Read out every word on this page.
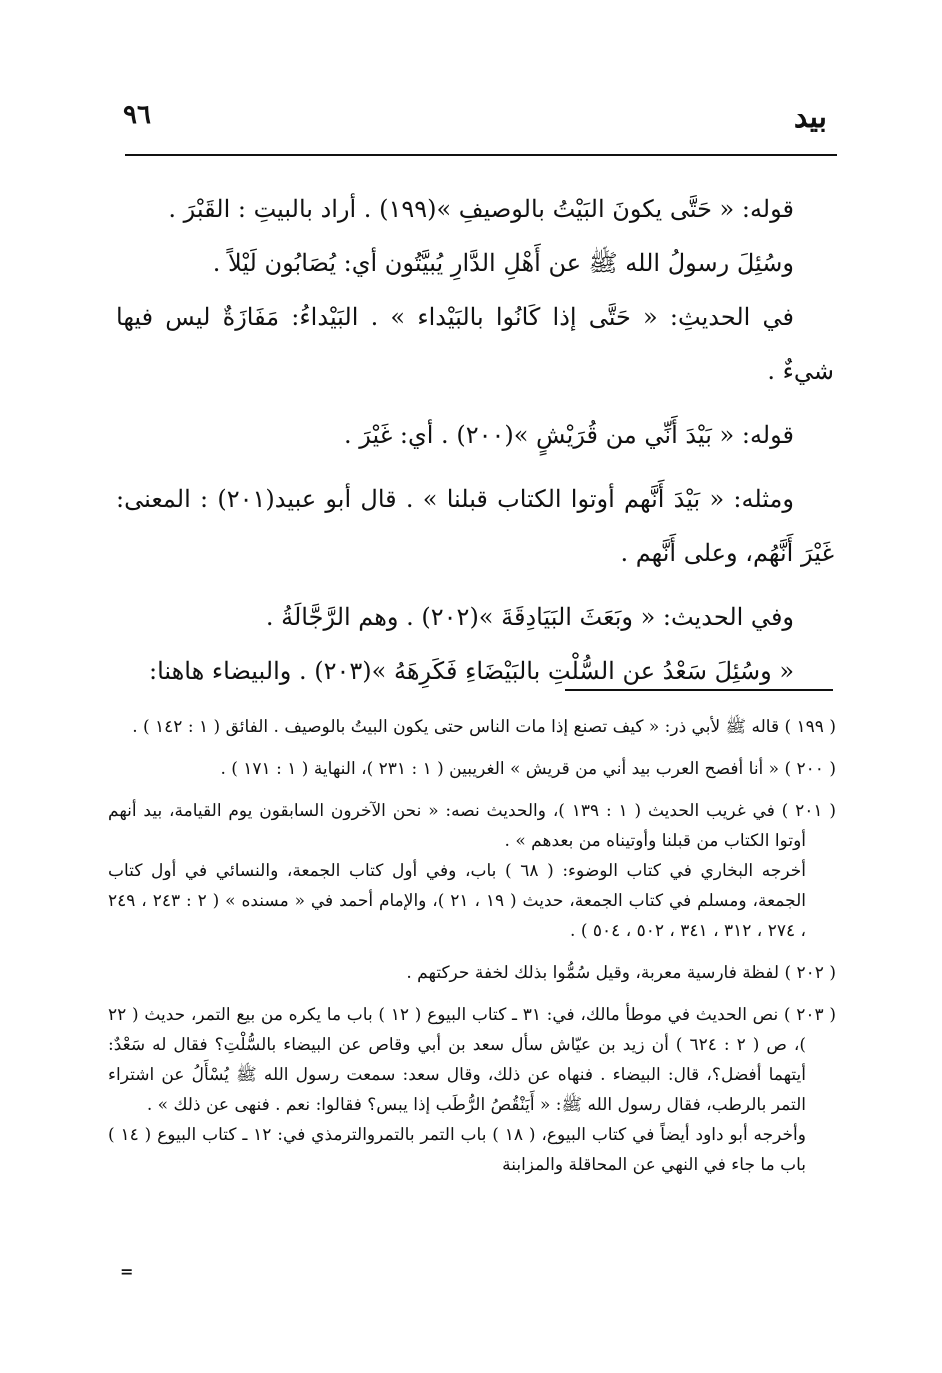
بيد
٩٦

قوله: « حَتَّى يكونَ البَيْتُ بالوصيفِ »(١٩٩) . أراد بالبيتِ : القَبْرَ .

وسُئِلَ رسولُ الله ﷺ عن أَهْلِ الدَّارِ يُبيَّتُون أي: يُصَابُون لَيْلاً .

في الحديثِ: « حَتَّى إذا كَانُوا بالبَيْداء » . البَيْداءُ: مَفَازَةٌ ليس فيها شيءٌ .

قوله: « بَيْدَ أَنِّي من قُرَيْشٍ »(٢٠٠) . أي: غَيْرَ .

ومثله: « بَيْدَ أَنَّهم أوتوا الكتاب قبلنا » . قال أبو عبيد(٢٠١) : المعنى: غَيْرَ أَنَّهُم، وعلى أَنَّهم .

وفي الحديث: « وبَعَثَ البَيَادِقَةَ »(٢٠٢) . وهم الرَّجَّالَةُ .

« وسُئِلَ سَعْدُ عن السُّلْتِ بالبَيْضَاءِ فَكَرِهَهُ »(٢٠٣) . والبيضاء هاهنا:

( ١٩٩ ) قاله ﷺ لأبي ذر: « كيف تصنع إذا مات الناس حتى يكون البيتُ بالوصيف . الفائق ( ١ : ١٤٢ ) .

( ٢٠٠ ) « أنا أفصح العرب بيد أني من قريش » الغريبين ( ١ : ٢٣١ )، النهاية ( ١ : ١٧١ ) .

( ٢٠١ ) في غريب الحديث ( ١ : ١٣٩ )، والحديث نصه: « نحن الآخرون السابقون يوم القيامة، بيد أنهم أوتوا الكتاب من قبلنا وأوتيناه من بعدهم » .

أخرجه البخاري في كتاب الوضوء: ( ٦٨ ) باب، وفي أول كتاب الجمعة، والنسائي في أول كتاب الجمعة، ومسلم في كتاب الجمعة، حديث ( ١٩ ، ٢١ )، والإمام أحمد في « مسنده » ( ٢ : ٢٤٣ ، ٢٤٩ ، ٢٧٤ ، ٣١٢ ، ٣٤١ ، ٥٠٢ ، ٥٠٤ ) .

( ٢٠٢ ) لفظة فارسية معربة، وقيل سُمُّوا بذلك لخفة حركتهم .

( ٢٠٣ ) نص الحديث في موطأ مالك، في: ٣١ ـ كتاب البيوع ( ١٢ ) باب ما يكره من بيع التمر، حديث ( ٢٢ )، ص ( ٢ : ٦٢٤ ) أن زيد بن عيّاش سأل سعد بن أبي وقاص عن البيضاء بالسُّلْتِ؟ فقال له سَعْدٌ: أيتهما أفضل؟، قال: البيضاء . فنهاه عن ذلك، وقال سعد: سمعت رسول الله ﷺ يُسْأَلُ عن اشتراء التمر بالرطب، فقال رسول الله ﷺ: « أَيَنْقُصُ الرُّطَب إذا يبس؟ فقالوا: نعم . فنهى عن ذلك » .

وأخرجه أبو داود أيضاً في كتاب البيوع، ( ١٨ ) باب التمر بالتمروالترمذي في: ١٢ ـ كتاب البيوع ( ١٤ ) باب ما جاء في النهي عن المحاقلة والمزابنة

=
